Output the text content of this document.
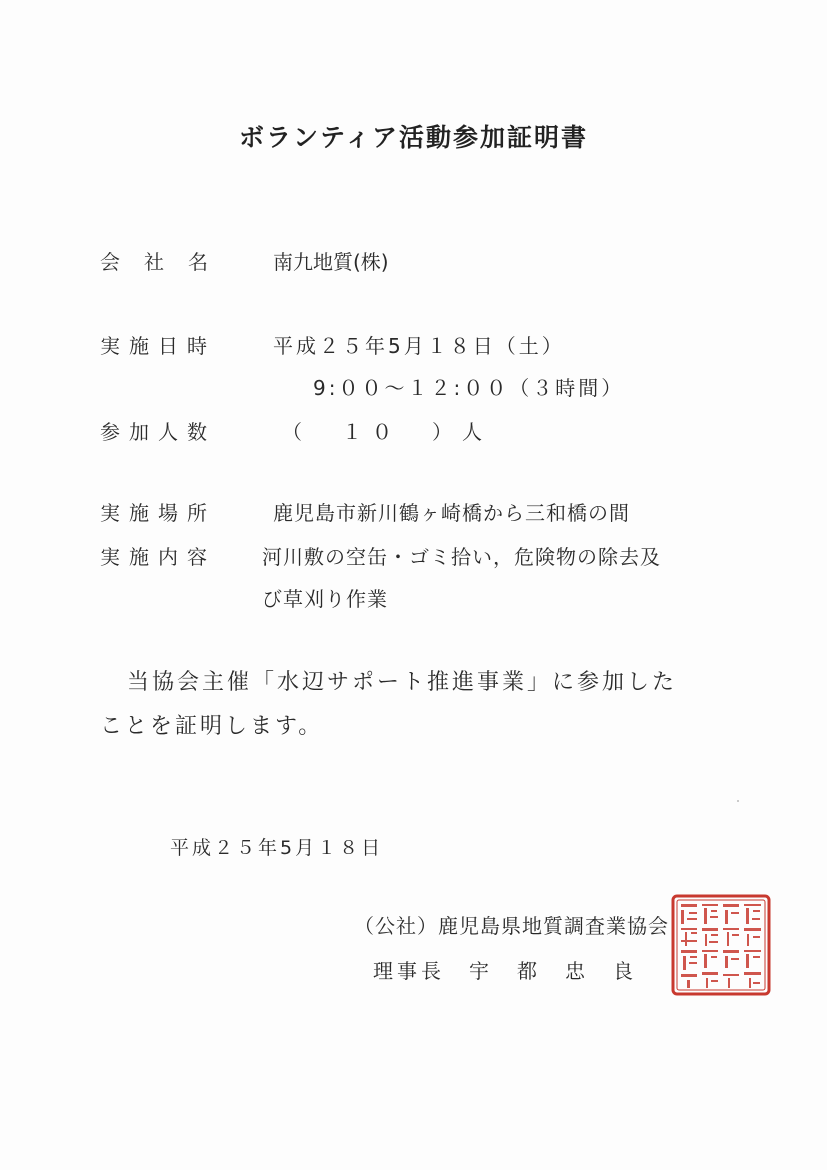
ボランティア活動参加証明書
会　社　名	南九地質(株)
実施日時	平成２５年5月１８日（土）
9:００〜１２:００（３時間）
参加人数	（　１０　）人
実施場所	鹿児島市新川鶴ヶ崎橋から三和橋の間
実施内容 河川敷の空缶・ゴミ拾い，危険物の除去及
び草刈り作業
当協会主催「水辺サポート推進事業」に参加した
ことを証明します。
平成２５年5月１８日
（公社）鹿児島県地質調査業協会
理事長　宇　都　忠　良
